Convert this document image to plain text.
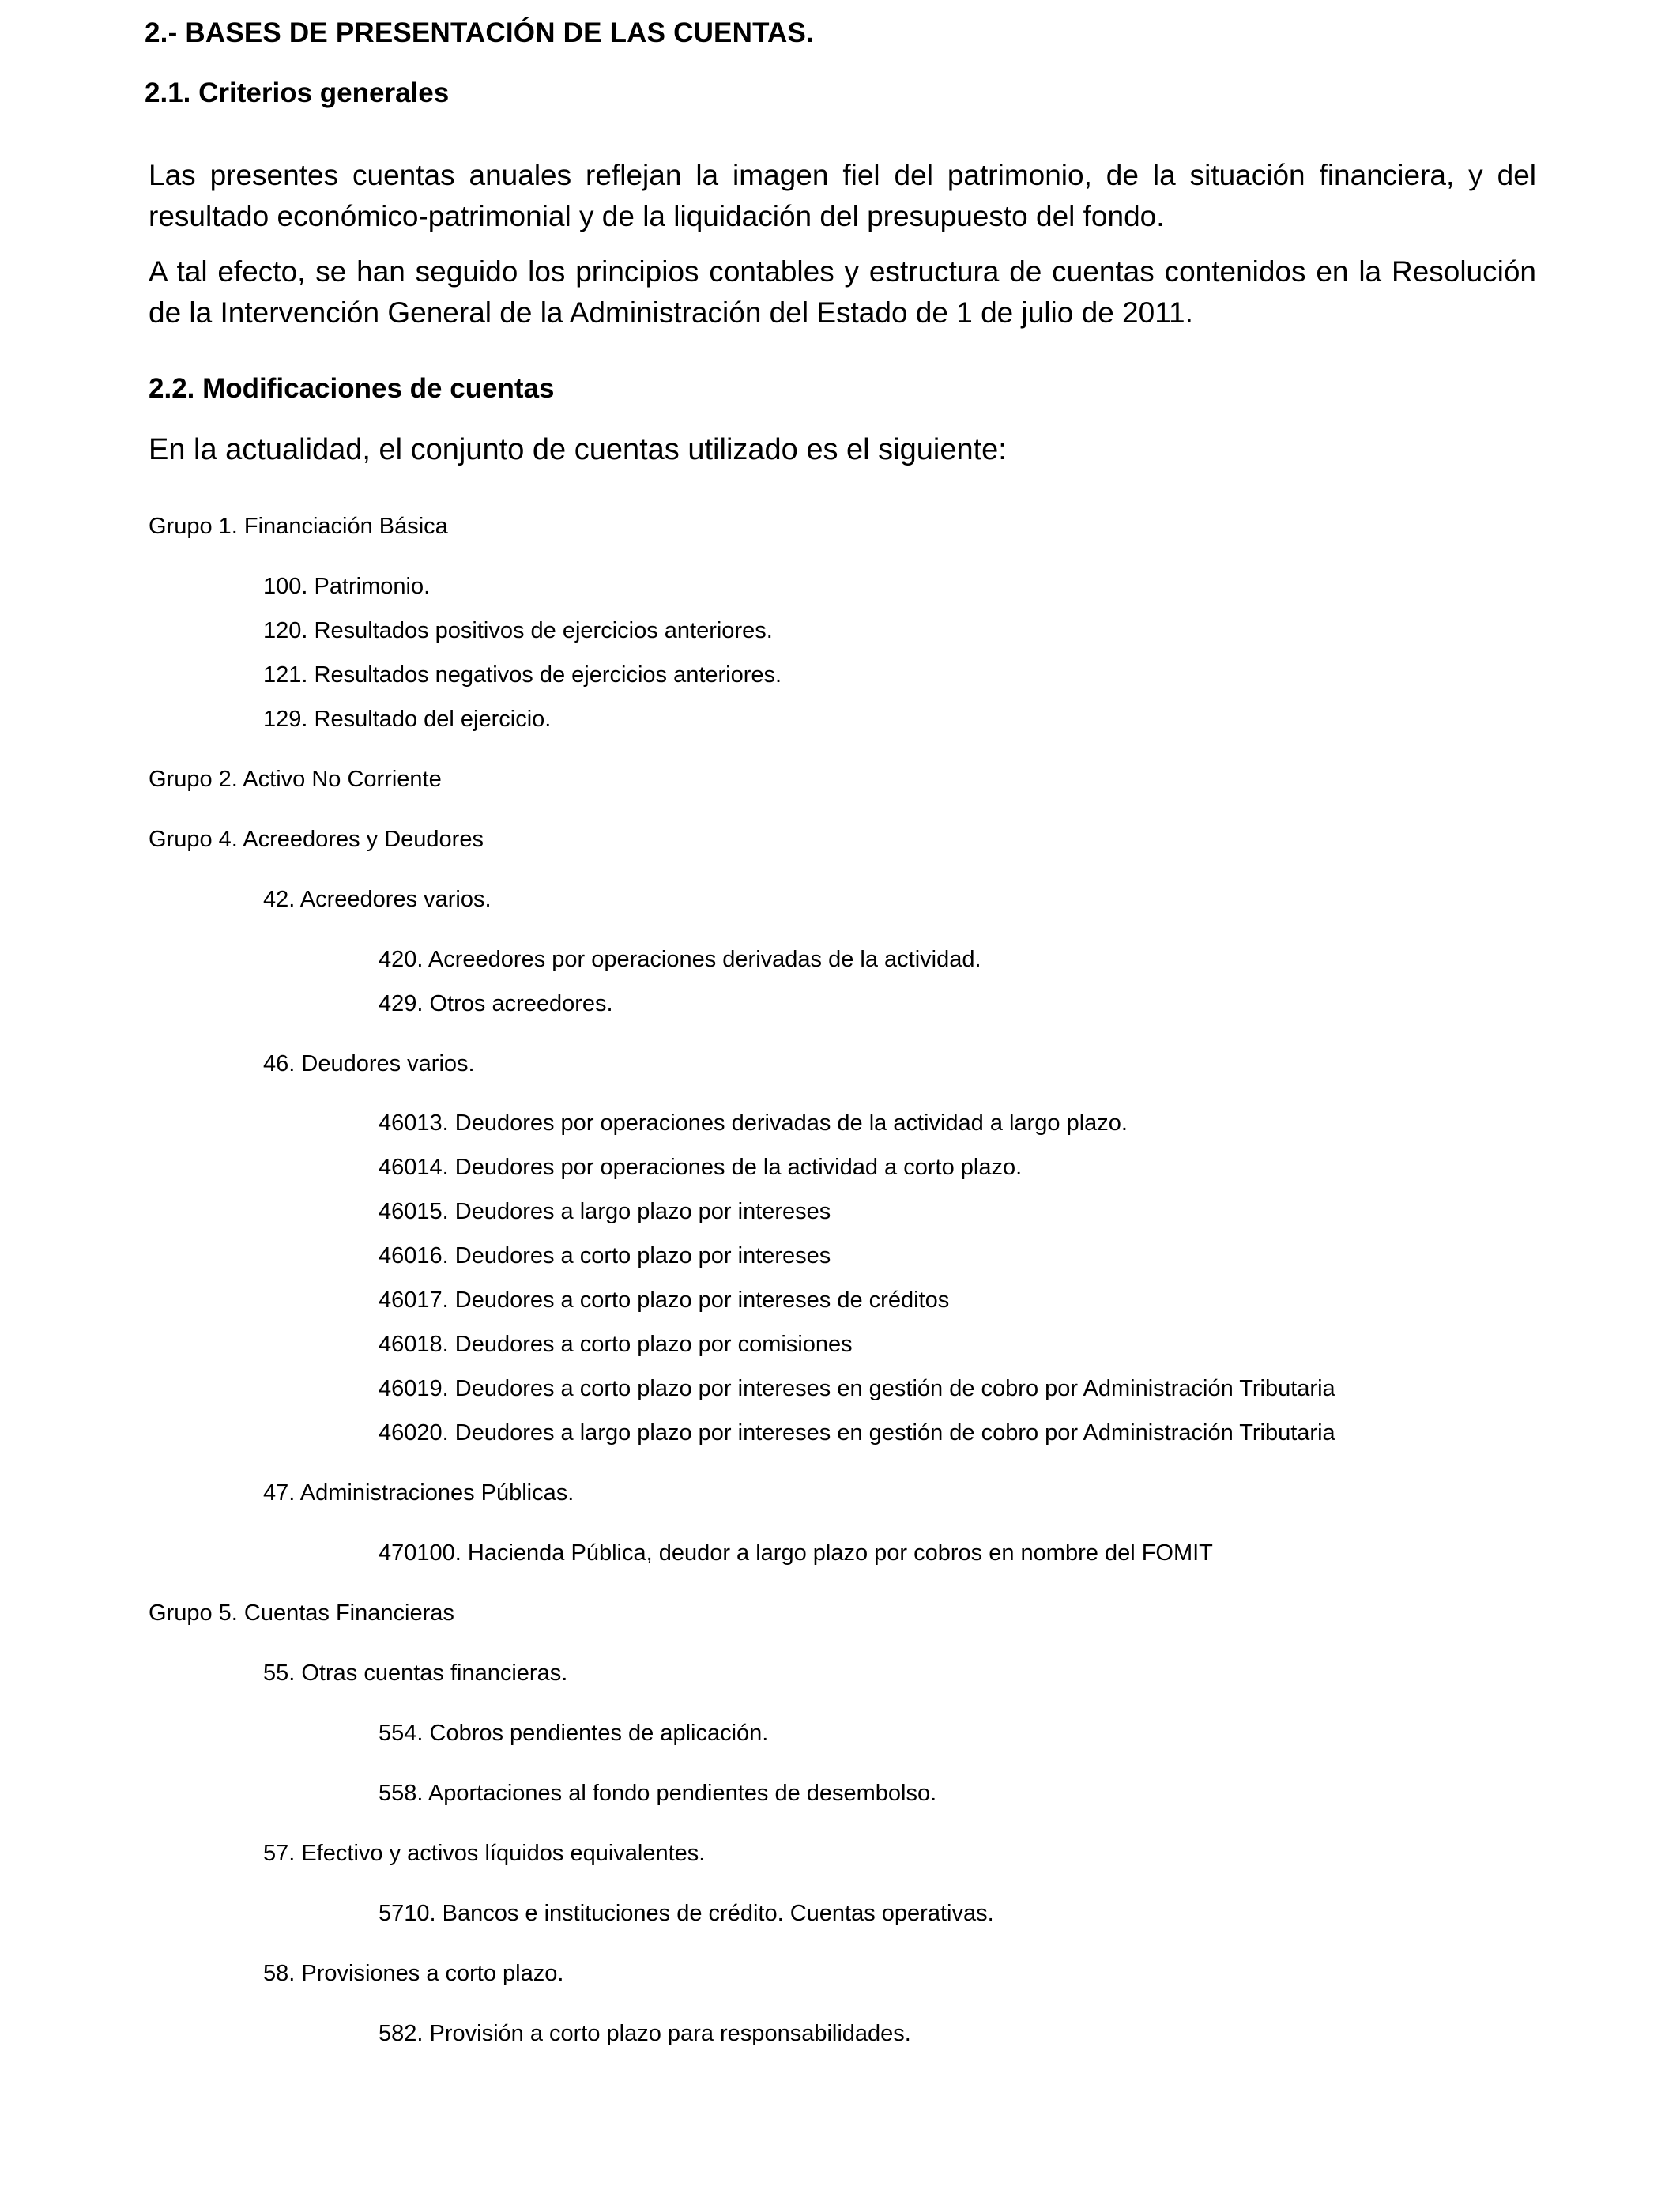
2.- BASES DE PRESENTACIÓN DE LAS CUENTAS.
2.1. Criterios generales

Las presentes cuentas anuales reflejan la imagen fiel del patrimonio, de la situación financiera, y del resultado económico-patrimonial y de la liquidación del presupuesto del fondo.

A tal efecto, se han seguido los principios contables y estructura de cuentas contenidos en la Resolución de la Intervención General de la Administración del Estado de 1 de julio de 2011.

2.2. Modificaciones de cuentas

En la actualidad, el conjunto de cuentas utilizado es el siguiente:

Grupo 1. Financiación Básica
100. Patrimonio.
120. Resultados positivos de ejercicios anteriores.
121. Resultados negativos de ejercicios anteriores.
129. Resultado del ejercicio.
Grupo 2. Activo No Corriente
Grupo 4. Acreedores y Deudores
42. Acreedores varios.
420. Acreedores por operaciones derivadas de la actividad.
429. Otros acreedores.
46. Deudores varios.
46013. Deudores por operaciones derivadas de la actividad a largo plazo.
46014. Deudores por operaciones de la actividad a corto plazo.
46015. Deudores a largo plazo por intereses
46016. Deudores a corto plazo por intereses
46017. Deudores a corto plazo por intereses de créditos
46018. Deudores a corto plazo por comisiones
46019. Deudores a corto plazo por intereses en gestión de cobro por Administración Tributaria
46020. Deudores a largo plazo por intereses en gestión de cobro por Administración Tributaria
47. Administraciones Públicas.
470100. Hacienda Pública, deudor a largo plazo por cobros en nombre del FOMIT
Grupo 5. Cuentas Financieras
55. Otras cuentas financieras.
554. Cobros pendientes de aplicación.
558. Aportaciones al fondo pendientes de desembolso.
57. Efectivo y activos líquidos equivalentes.
5710. Bancos e instituciones de crédito. Cuentas operativas.
58. Provisiones a corto plazo.
582. Provisión a corto plazo para responsabilidades.
